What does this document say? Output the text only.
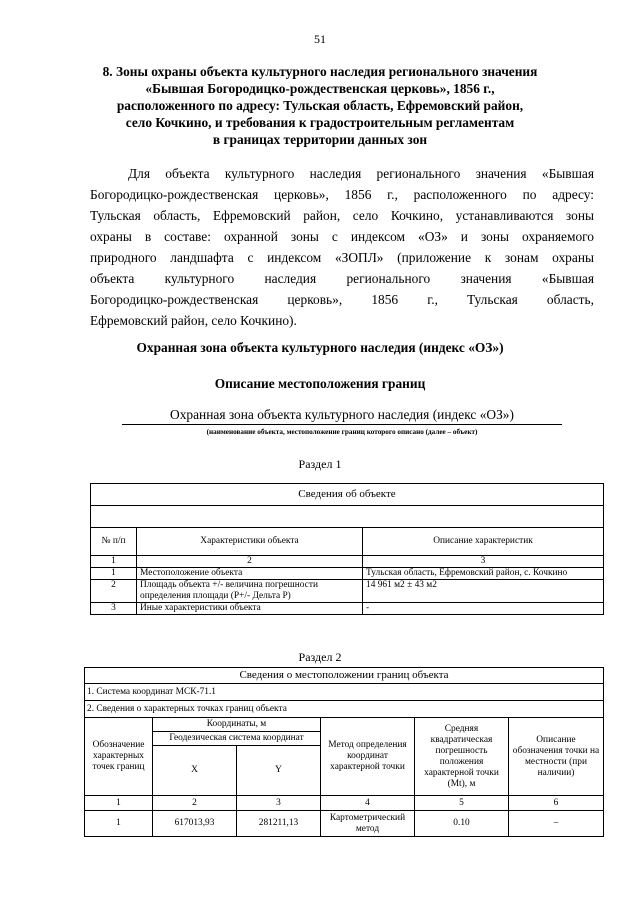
51
8. Зоны охраны объекта культурного наследия регионального значения
«Бывшая Богородицко-рождественская церковь», 1856 г.,
расположенного по адресу: Тульская область, Ефремовский район,
село Кочкино, и требования к градостроительным регламентам
в границах территории данных зон
Для объекта культурного наследия регионального значения «Бывшая
Богородицко-рождественская церковь», 1856 г., расположенного по адресу:
Тульская область, Ефремовский район, село Кочкино, устанавливаются зоны
охраны в составе: охранной зоны с индексом «ОЗ» и зоны охраняемого
природного ландшафта с индексом «ЗОПЛ» (приложение к зонам охраны
объекта культурного наследия регионального значения «Бывшая
Богородицко-рождественская церковь», 1856 г., Тульская область,
Ефремовский район, село Кочкино).
Охранная зона объекта культурного наследия (индекс «ОЗ»)
Описание местоположения границ
Охранная зона объекта культурного наследия (индекс «ОЗ»)
(наименование объекта, местоположение границ которого описано (далее – объект)
Раздел 1
Сведения об объекте		

№ п/п	Характеристики объекта	Описание характеристик
1	2	3
1	Местоположение объекта	Тульская область, Ефремовский район, с. Кочкино
2	Площадь объекта +/- величина погрешности определения площади (P+/- Дельта P)	14 961 м2 ± 43 м2
3	Иные характеристики объекта	-
Раздел 2
Сведения о местоположении границ объекта					
1. Система координат МСК-71.1					
2. Сведения о характерных точках границ объекта					
Обозначение характерных точек границ	Координаты, м		Метод определения координат характерной точки	Средняя квадратическая погрешность положения характерной точки (Mt), м	Описание обозначения точки на местности (при наличии)
	Геодезическая система координат				
	X	Y			
1	2	3	4	5	6
1	617013,93	281211,13	Картометрический метод	0.10	–
